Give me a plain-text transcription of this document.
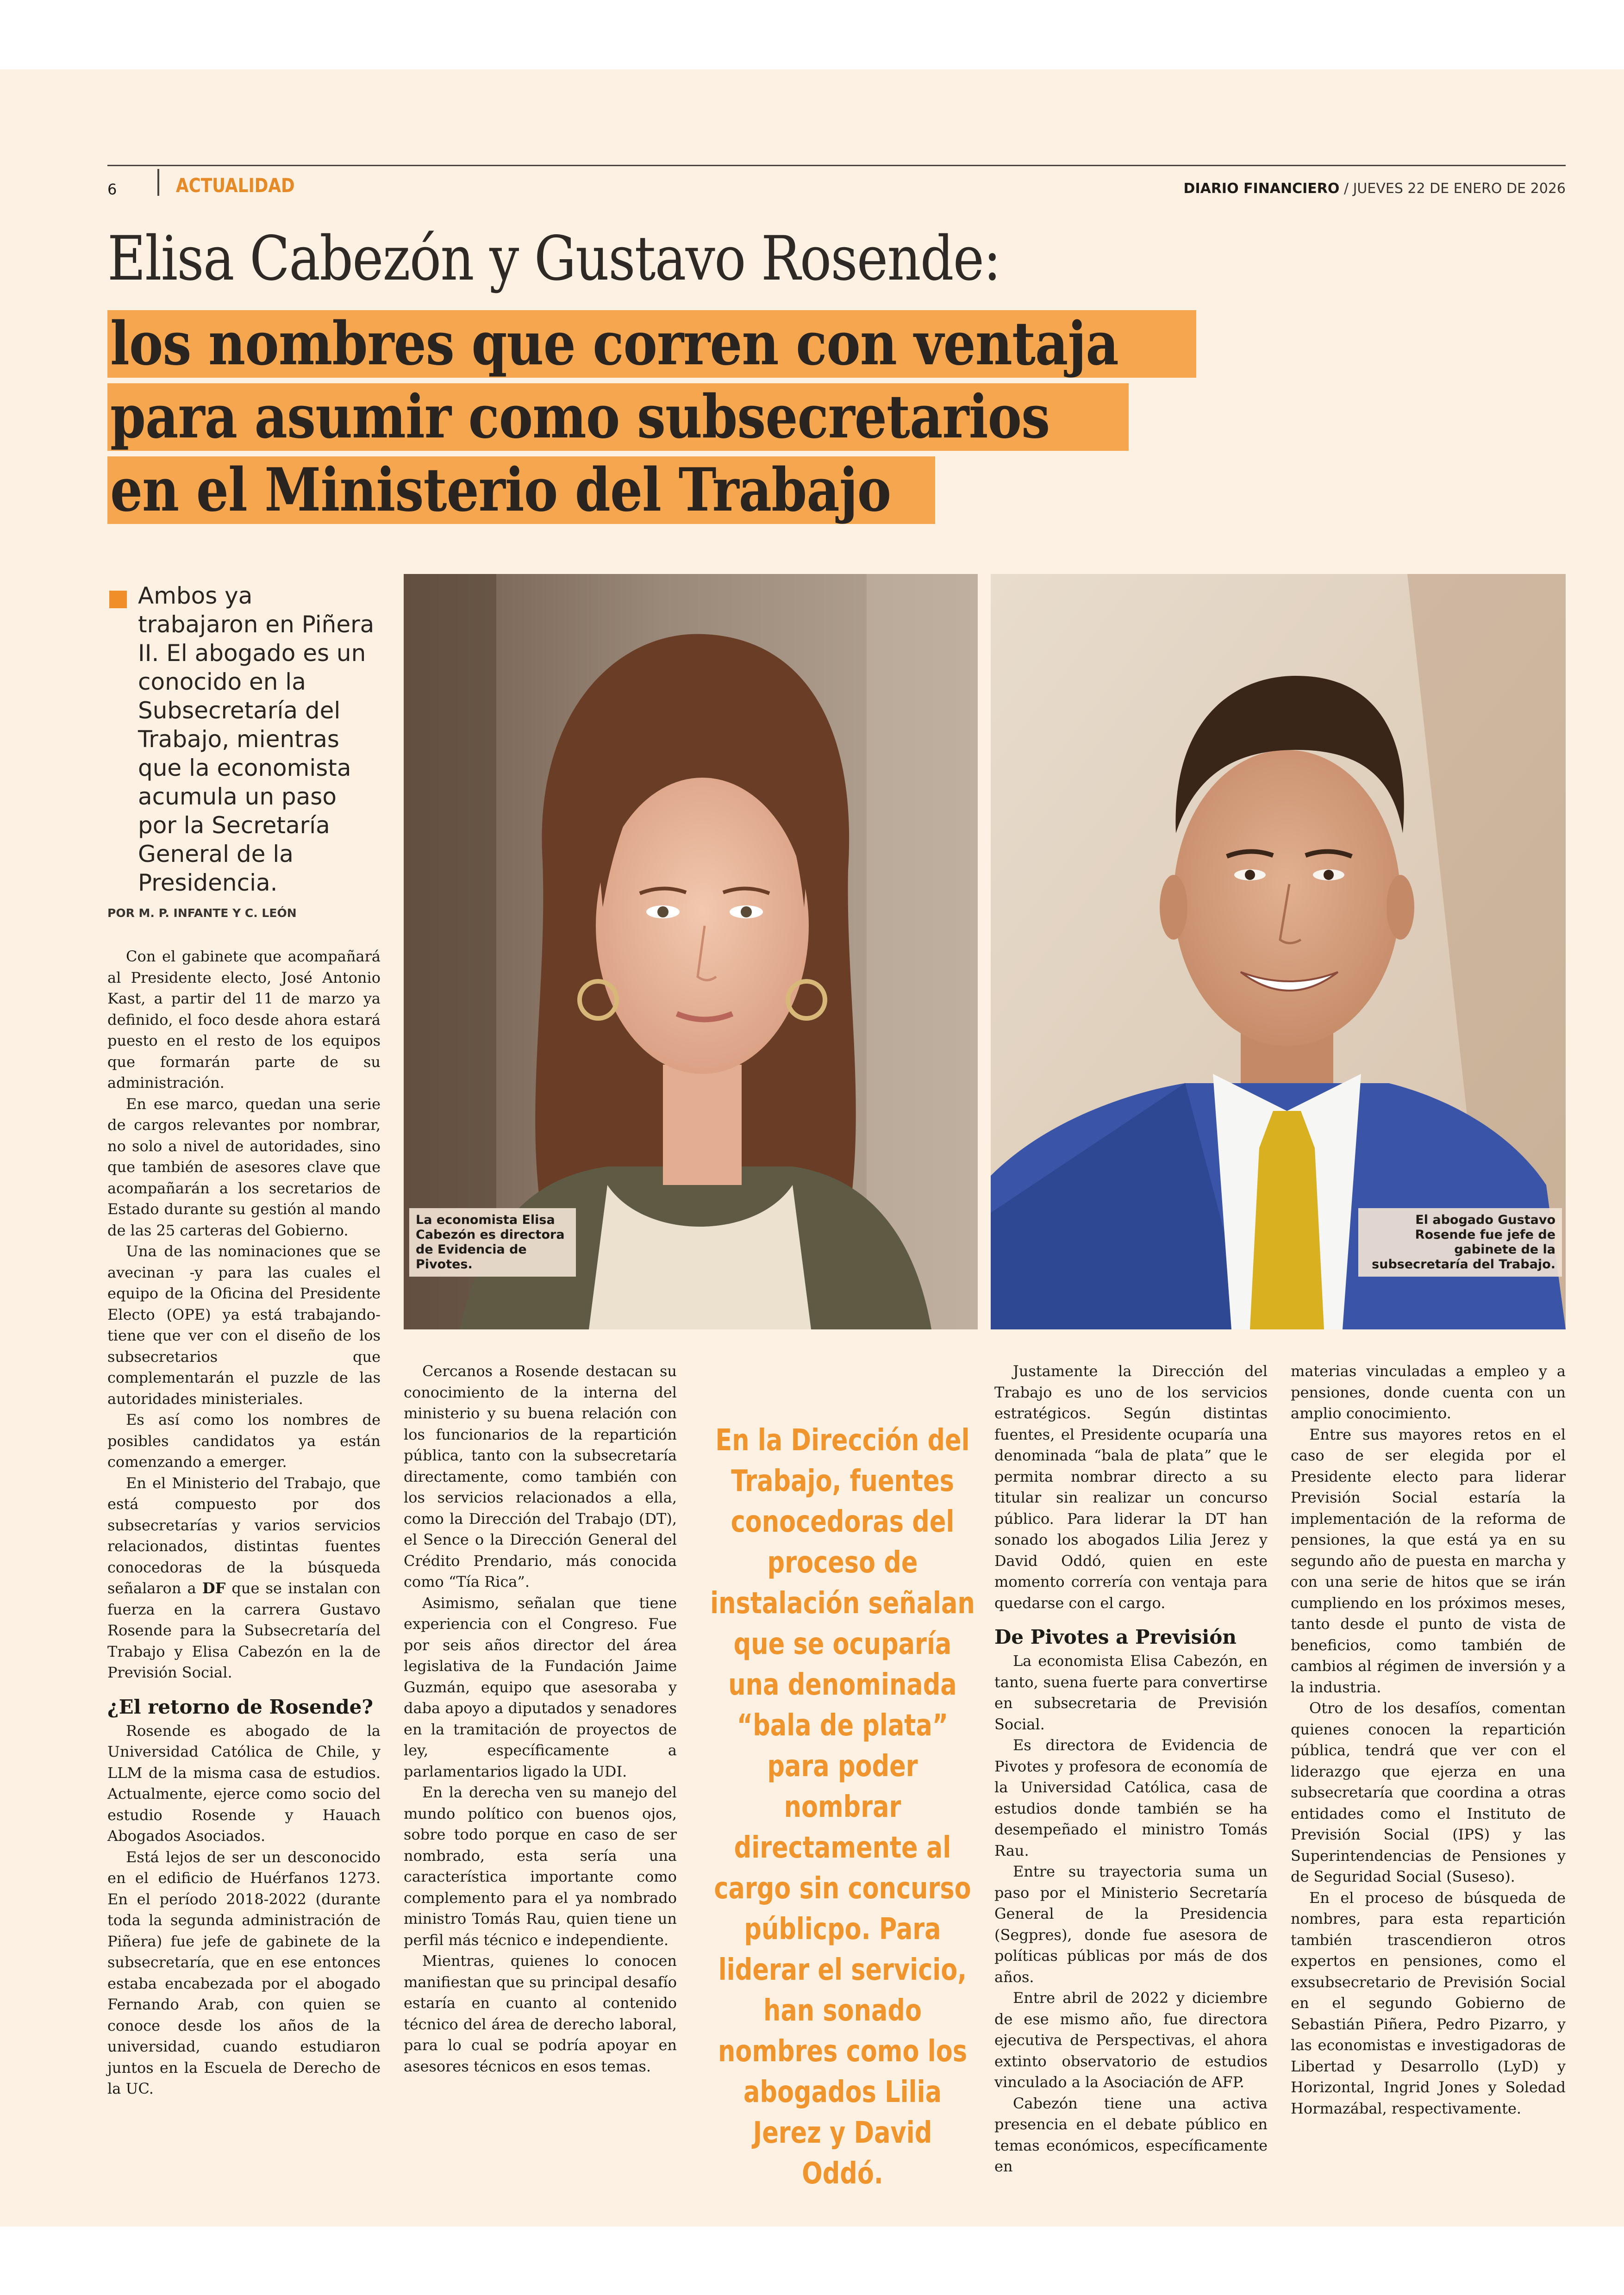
6	ACTUALIDAD	DIARIO FINANCIERO / JUEVES 22 DE ENERO DE 2026
Elisa Cabezón y Gustavo Rosende:
los nombres que corren con ventaja
para asumir como subsecretarios
en el Ministerio del Trabajo
Ambos ya trabajaron en Piñera II. El abogado es un conocido en la Subsecretaría del Trabajo, mientras que la economista acumula un paso por la Secretaría General de la Presidencia.
POR M. P. INFANTE Y C. LEÓN
La economista Elisa Cabezón es directora de Evidencia de Pivotes.
El abogado Gustavo Rosende fue jefe de gabinete de la subsecretaría del Trabajo.

Con el gabinete que acompañará al Presidente electo, José Antonio Kast, a partir del 11 de marzo ya definido, el foco desde ahora estará puesto en el resto de los equipos que formarán parte de su administración.

En ese marco, quedan una serie de cargos relevantes por nombrar, no solo a nivel de autoridades, sino que también de asesores clave que acompañarán a los secretarios de Estado durante su gestión al mando de las 25 carteras del Gobierno.

Una de las nominaciones que se avecinan -y para las cuales el equipo de la Oficina del Presidente Electo (OPE) ya está trabajando- tiene que ver con el diseño de los subsecretarios que complementarán el puzzle de las autoridades ministeriales.

Es así como los nombres de posibles candidatos ya están comenzando a emerger.

En el Ministerio del Trabajo, que está compuesto por dos subsecretarías y varios servicios relacionados, distintas fuentes conocedoras de la búsqueda señalaron a DF que se instalan con fuerza en la carrera Gustavo Rosende para la Subsecretaría del Trabajo y Elisa Cabezón en la de Previsión Social.

¿El retorno de Rosende?

Rosende es abogado de la Universidad Católica de Chile, y LLM de la misma casa de estudios. Actualmente, ejerce como socio del estudio Rosende y Hauach Abogados Asociados.

Está lejos de ser un desconocido en el edificio de Huérfanos 1273. En el período 2018-2022 (durante toda la segunda administración de Piñera) fue jefe de gabinete de la subsecretaría, que en ese entonces estaba encabezada por el abogado Fernando Arab, con quien se conoce desde los años de la universidad, cuando estudiaron juntos en la Escuela de Derecho de la UC.

Cercanos a Rosende destacan su conocimiento de la interna del ministerio y su buena relación con los funcionarios de la repartición pública, tanto con la subsecretaría directamente, como también con los servicios relacionados a ella, como la Dirección del Trabajo (DT), el Sence o la Dirección General del Crédito Prendario, más conocida como “Tía Rica”.

Asimismo, señalan que tiene experiencia con el Congreso. Fue por seis años director del área legislativa de la Fundación Jaime Guzmán, equipo que asesoraba y daba apoyo a diputados y senadores en la tramitación de proyectos de ley, específicamente a parlamentarios ligado la UDI.

En la derecha ven su manejo del mundo político con buenos ojos, sobre todo porque en caso de ser nombrado, esta sería una característica importante como complemento para el ya nombrado ministro Tomás Rau, quien tiene un perfil más técnico e independiente.

Mientras, quienes lo conocen manifiestan que su principal desafío estaría en cuanto al contenido técnico del área de derecho laboral, para lo cual se podría apoyar en asesores técnicos en esos temas.

En la Dirección del Trabajo, fuentes conocedoras del proceso de instalación señalan que se ocuparía una denominada “bala de plata” para poder nombrar directamente al cargo sin concurso públicpo. Para liderar el servicio, han sonado nombres como los abogados Lilia Jerez y David Oddó.

Justamente la Dirección del Trabajo es uno de los servicios estratégicos. Según distintas fuentes, el Presidente ocuparía una denominada “bala de plata” que le permita nombrar directo a su titular sin realizar un concurso público. Para liderar la DT han sonado los abogados Lilia Jerez y David Oddó, quien en este momento correría con ventaja para quedarse con el cargo.

De Pivotes a Previsión

La economista Elisa Cabezón, en tanto, suena fuerte para convertirse en subsecretaria de Previsión Social.

Es directora de Evidencia de Pivotes y profesora de economía de la Universidad Católica, casa de estudios donde también se ha desempeñado el ministro Tomás Rau.

Entre su trayectoria suma un paso por el Ministerio Secretaría General de la Presidencia (Segpres), donde fue asesora de políticas públicas por más de dos años.

Entre abril de 2022 y diciembre de ese mismo año, fue directora ejecutiva de Perspectivas, el ahora extinto observatorio de estudios vinculado a la Asociación de AFP.

Cabezón tiene una activa presencia en el debate público en temas económicos, específicamente en

materias vinculadas a empleo y a pensiones, donde cuenta con un amplio conocimiento.

Entre sus mayores retos en el caso de ser elegida por el Presidente electo para liderar Previsión Social estaría la implementación de la reforma de pensiones, la que está ya en su segundo año de puesta en marcha y con una serie de hitos que se irán cumpliendo en los próximos meses, tanto desde el punto de vista de beneficios, como también de cambios al régimen de inversión y a la industria.

Otro de los desafíos, comentan quienes conocen la repartición pública, tendrá que ver con el liderazgo que ejerza en una subsecretaría que coordina a otras entidades como el Instituto de Previsión Social (IPS) y las Superintendencias de Pensiones y de Seguridad Social (Suseso).

En el proceso de búsqueda de nombres, para esta repartición también trascendieron otros expertos en pensiones, como el exsubsecretario de Previsión Social en el segundo Gobierno de Sebastián Piñera, Pedro Pizarro, y las economistas e investigadoras de Libertad y Desarrollo (LyD) y Horizontal, Ingrid Jones y Soledad Hormazábal, respectivamente.
